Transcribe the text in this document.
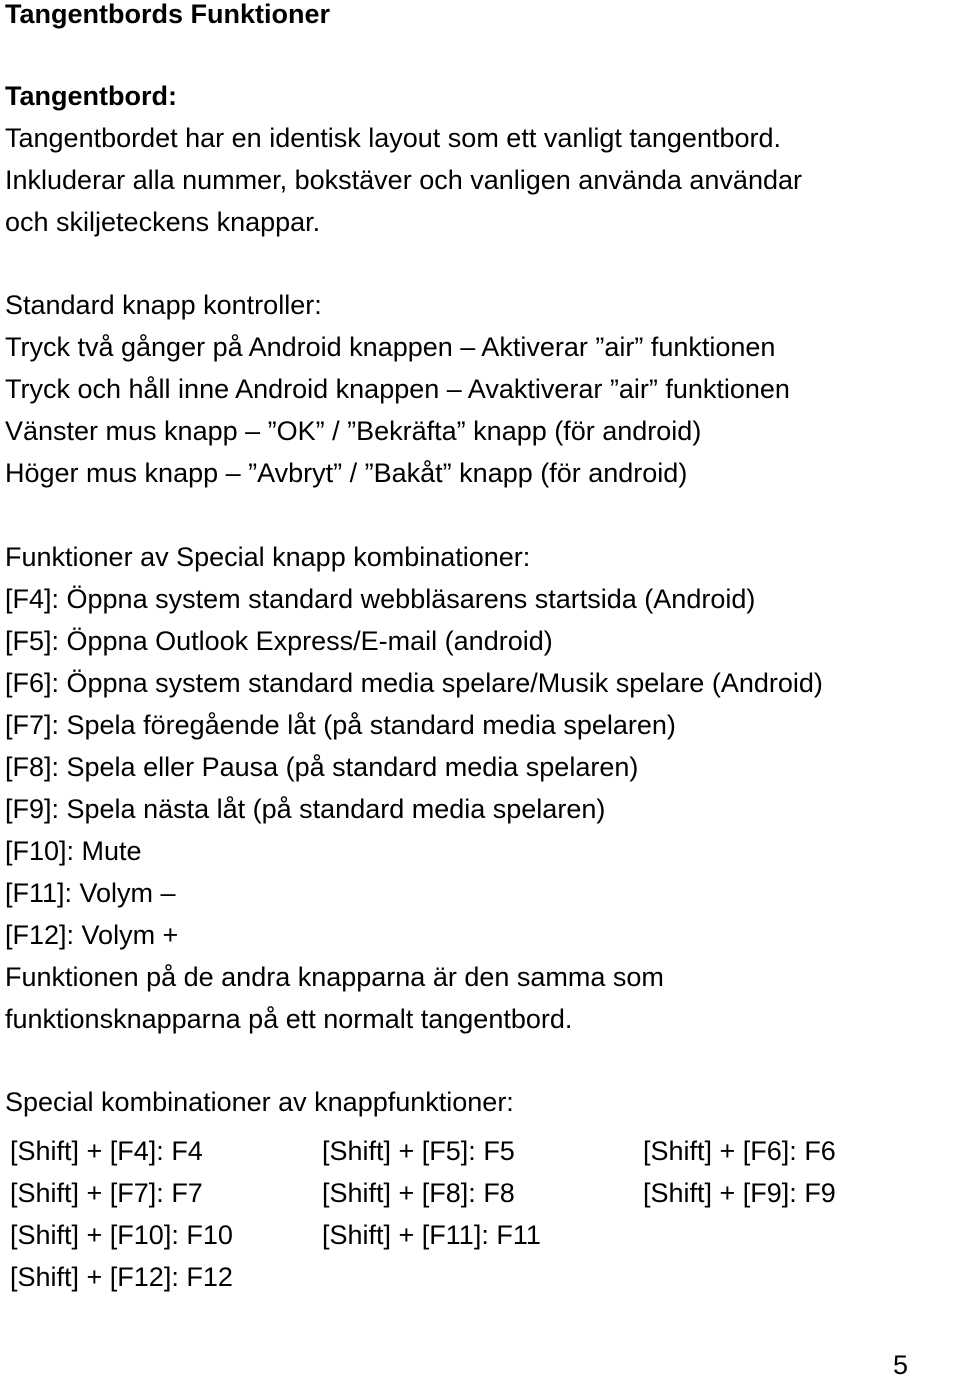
Tangentbords Funktioner
Tangentbord:
Tangentbordet har en identisk layout som ett vanligt tangentbord.
Inkluderar alla nummer, bokstäver och vanligen använda användar
och skiljeteckens knappar.
Standard knapp kontroller:
Tryck två gånger på Android knappen – Aktiverar ”air” funktionen
Tryck och håll inne Android knappen – Avaktiverar ”air” funktionen
Vänster mus knapp – ”OK” / ”Bekräfta” knapp (för android)
Höger mus knapp – ”Avbryt” / ”Bakåt” knapp (för android)
Funktioner av Special knapp kombinationer:
[F4]: Öppna system standard webbläsarens startsida (Android)
[F5]: Öppna Outlook Express/E-mail (android)
[F6]: Öppna system standard media spelare/Musik spelare (Android)
[F7]: Spela föregående låt (på standard media spelaren)
[F8]: Spela eller Pausa (på standard media spelaren)
[F9]: Spela nästa låt (på standard media spelaren)
[F10]: Mute
[F11]: Volym –
[F12]: Volym +
Funktionen på de andra knapparna är den samma som
funktionsknapparna på ett normalt tangentbord.
Special kombinationer av knappfunktioner:
[Shift] + [F4]: F4	[Shift] + [F5]: F5	[Shift] + [F6]: F6
[Shift] + [F7]: F7	[Shift] + [F8]: F8	[Shift] + [F9]: F9
[Shift] + [F10]: F10	[Shift] + [F11]: F11
[Shift] + [F12]: F12
5
